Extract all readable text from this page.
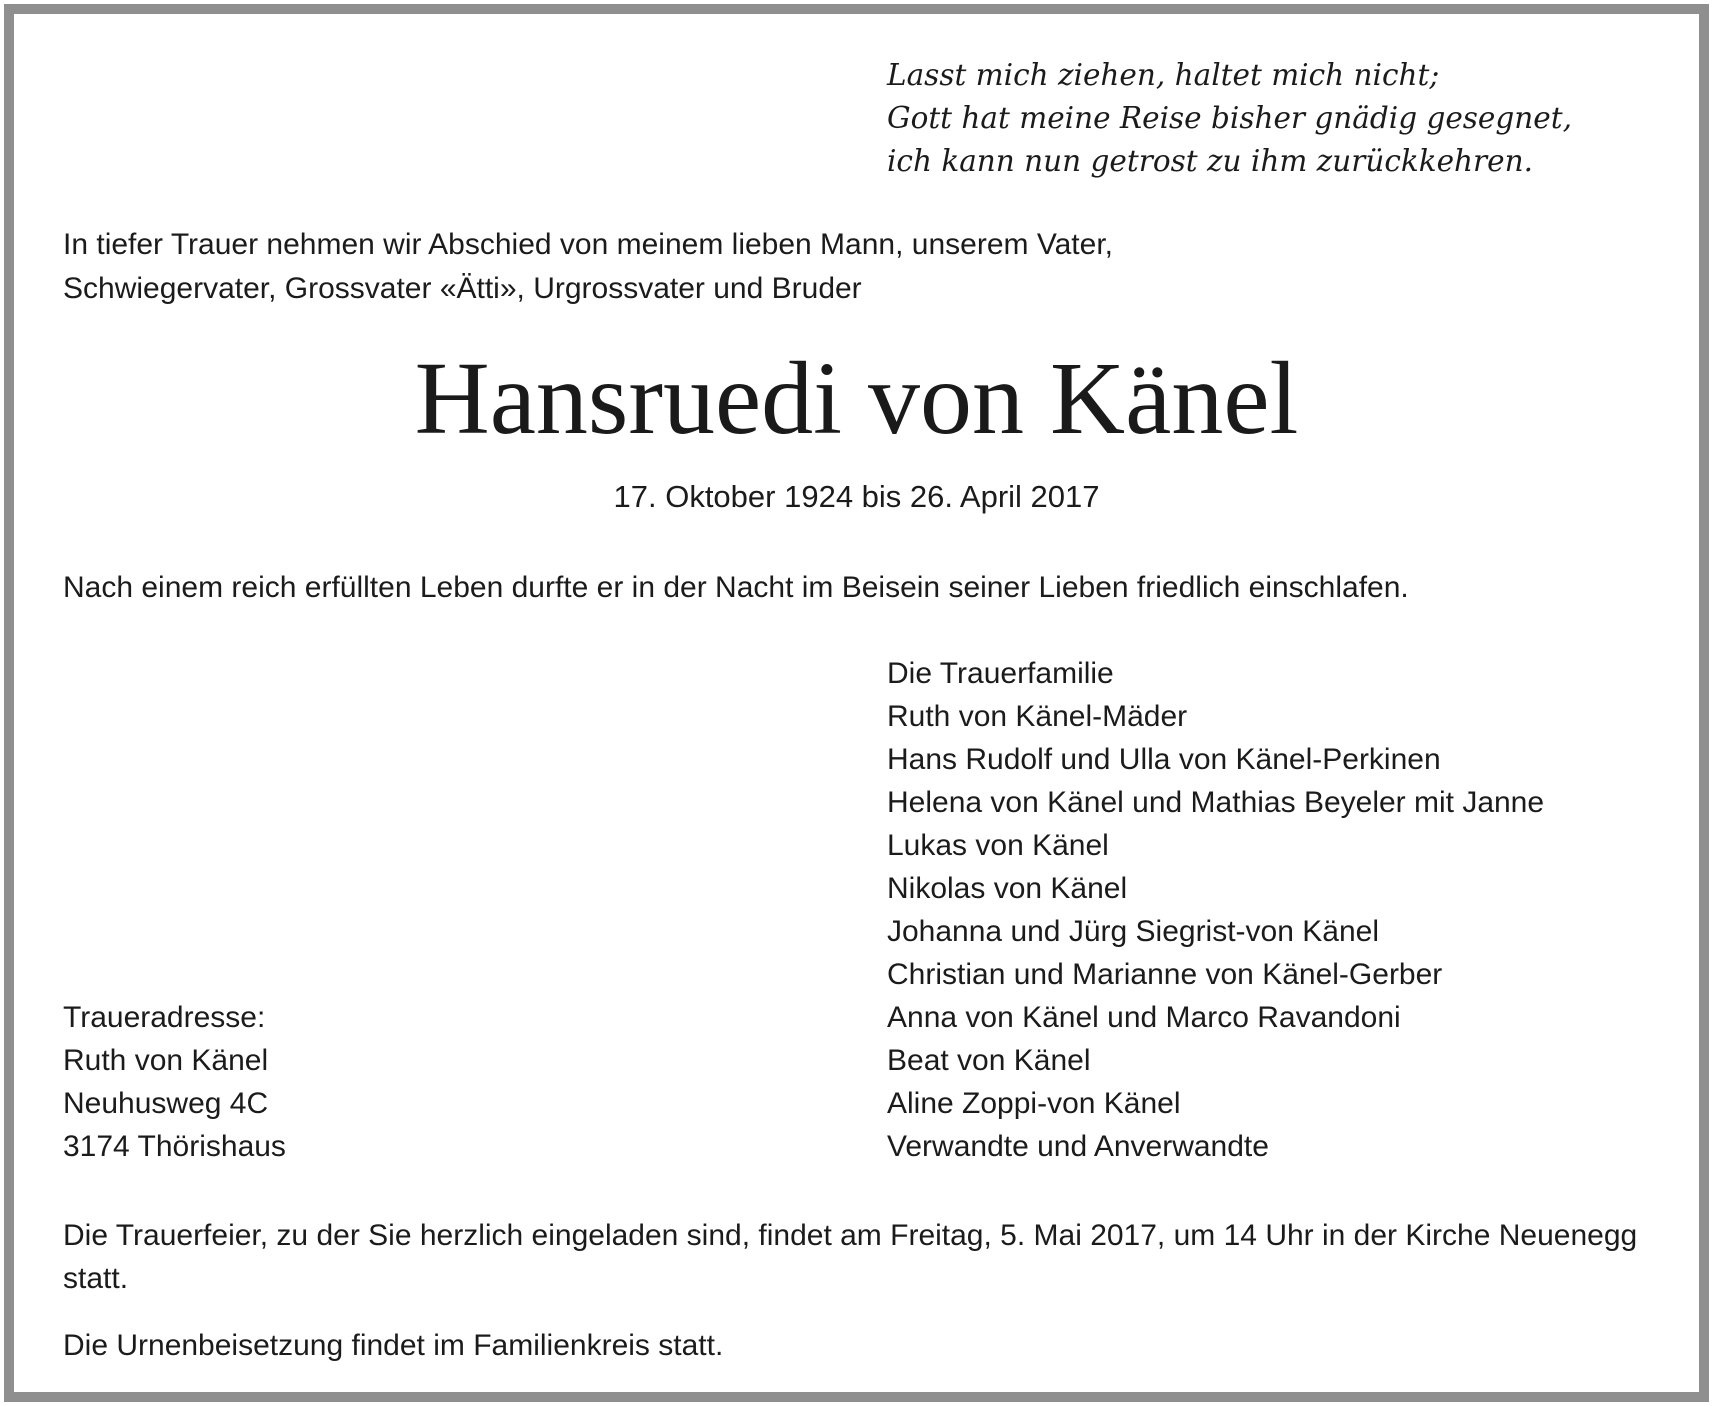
Lasst mich ziehen, haltet mich nicht;
Gott hat meine Reise bisher gnädig gesegnet,
ich kann nun getrost zu ihm zurückkehren.
In tiefer Trauer nehmen wir Abschied von meinem lieben Mann, unserem Vater,
Schwiegervater, Grossvater «Ätti», Urgrossvater und Bruder
Hansruedi von Känel
17. Oktober 1924 bis 26. April 2017
Nach einem reich erfüllten Leben durfte er in der Nacht im Beisein seiner Lieben friedlich einschlafen.
Die Trauerfamilie
Ruth von Känel-Mäder
Hans Rudolf und Ulla von Känel-Perkinen
Helena von Känel und Mathias Beyeler mit Janne
Lukas von Känel
Nikolas von Känel
Johanna und Jürg Siegrist-von Känel
Christian und Marianne von Känel-Gerber
Anna von Känel und Marco Ravandoni
Beat von Känel
Aline Zoppi-von Känel
Verwandte und Anverwandte
Traueradresse:
Ruth von Känel
Neuhusweg 4C
3174 Thörishaus
Die Trauerfeier, zu der Sie herzlich eingeladen sind, findet am Freitag, 5. Mai 2017, um 14 Uhr in der Kirche Neuenegg statt.
Die Urnenbeisetzung findet im Familienkreis statt.
